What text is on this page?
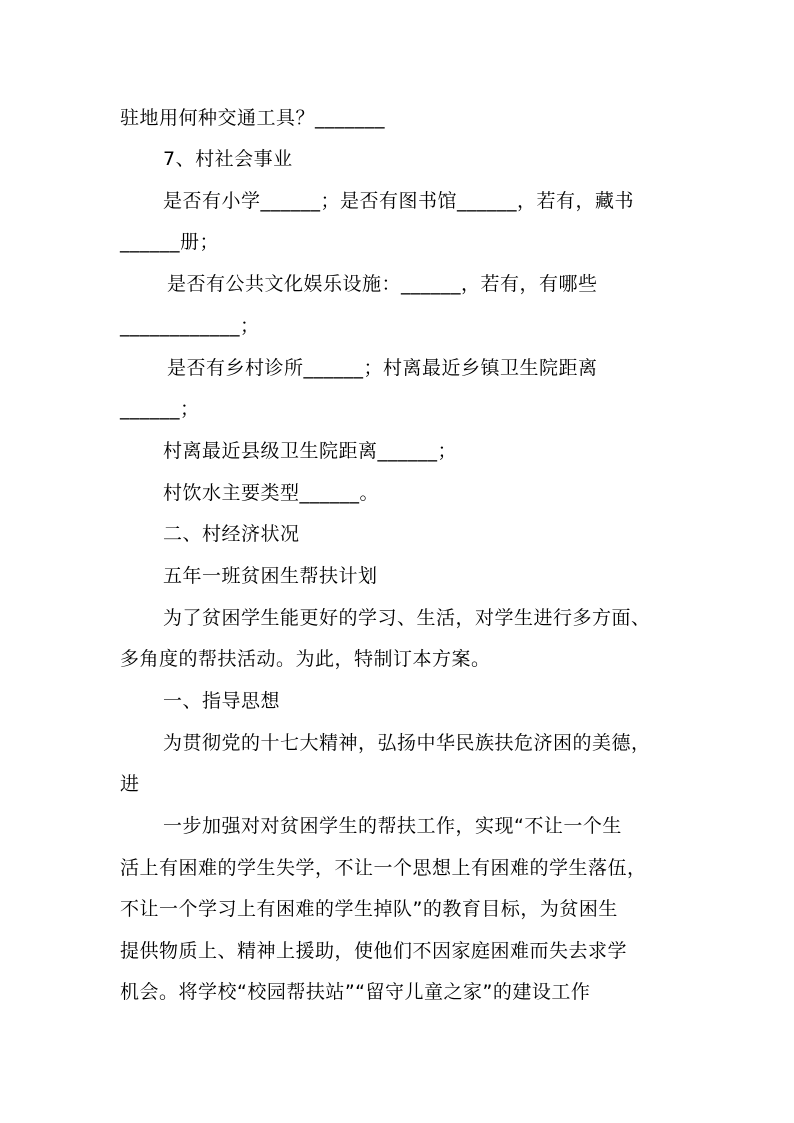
驻地用何种交通工具？_______
7、村社会事业
是否有小学______；是否有图书馆______，若有，藏书
______册；
是否有公共文化娱乐设施：______，若有，有哪些
____________；
是否有乡村诊所______；村离最近乡镇卫生院距离
______；
村离最近县级卫生院距离______；
村饮水主要类型______。
二、村经济状况
五年一班贫困生帮扶计划
为了贫困学生能更好的学习、生活，对学生进行多方面、
多角度的帮扶活动。为此，特制订本方案。
一、指导思想
为贯彻党的十七大精神，弘扬中华民族扶危济困的美德，
进
一步加强对对贫困学生的帮扶工作，实现“不让一个生
活上有困难的学生失学，不让一个思想上有困难的学生落伍，
不让一个学习上有困难的学生掉队”的教育目标，为贫困生
提供物质上、精神上援助，使他们不因家庭困难而失去求学
机会。将学校“校园帮扶站”“留守儿童之家”的建设工作
